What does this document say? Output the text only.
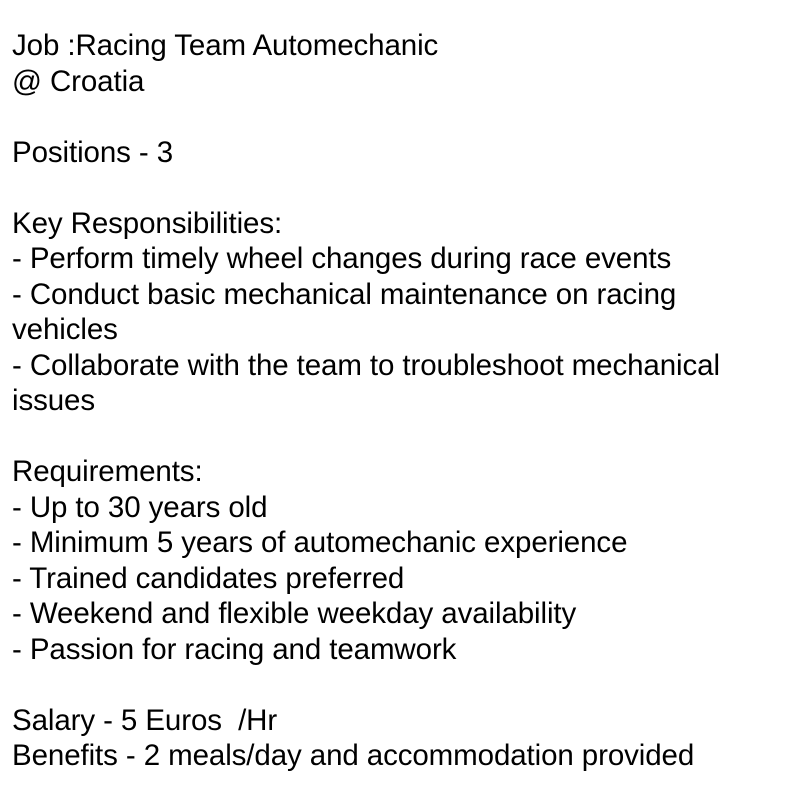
Job :Racing Team Automechanic
@ Croatia
Positions - 3
Key Responsibilities:
- Perform timely wheel changes during race events
- Conduct basic mechanical maintenance on racing
vehicles
- Collaborate with the team to troubleshoot mechanical
issues
Requirements:
- Up to 30 years old
- Minimum 5 years of automechanic experience
- Trained candidates preferred
- Weekend and flexible weekday availability
- Passion for racing and teamwork
Salary - 5 Euros  /Hr
Benefits - 2 meals/day and accommodation provided
